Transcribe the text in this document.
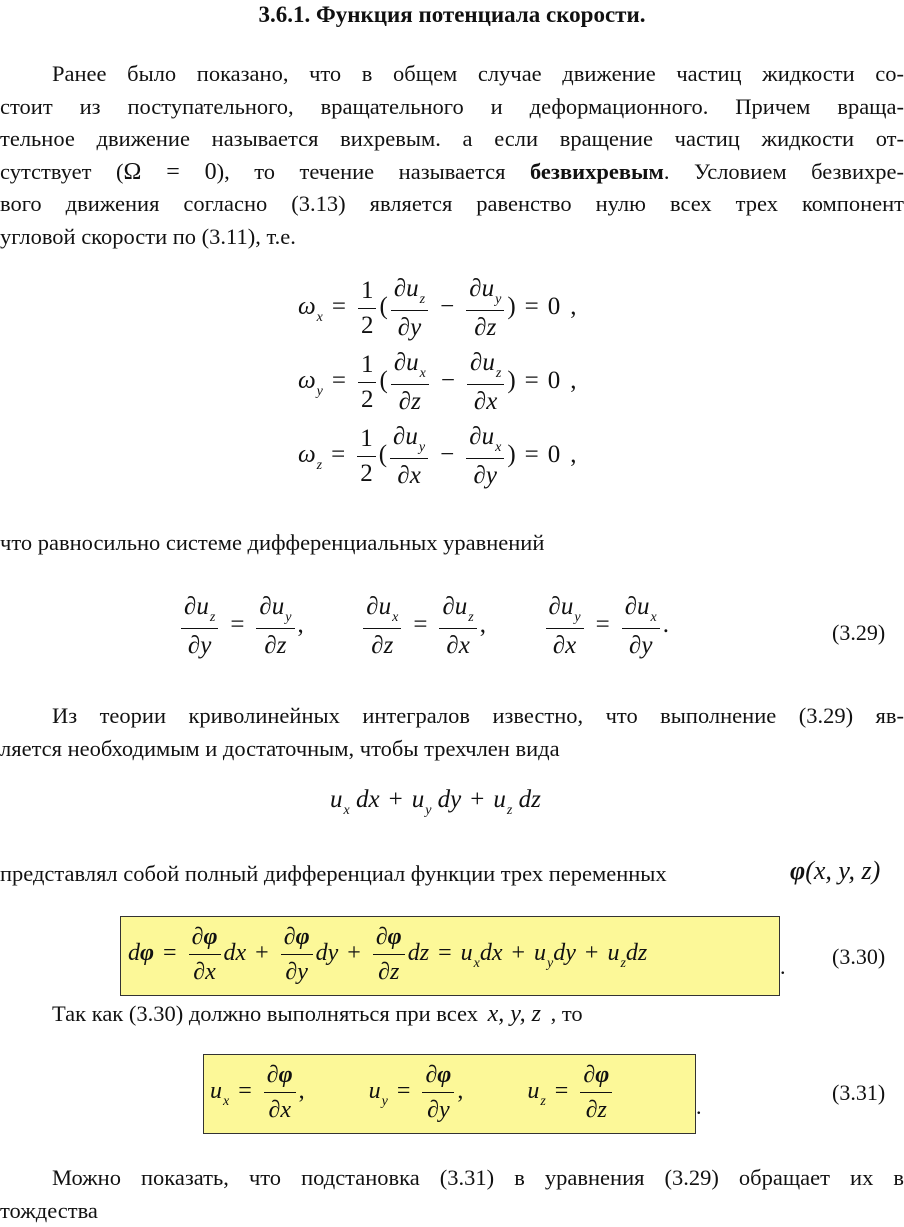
3.6.1. Функция потенциала скорости.
Ранее было показано, что в общем случае движение частиц жидкости со-
стоит из поступательного, вращательного и деформационного. Причем враща-
тельное движение называется вихревым. а если вращение частиц жидкости от-
сутствует (Ω = 0), то течение называется безвихревым. Условием безвихре-
вого движения согласно (3.13) является равенство нулю всех трех компонент
угловой скорости по (3.11), т.е.
$\omega_x = \frac{1}{2}$ ( $\frac{\partial u_z}{\partial y} - \frac{\partial u_y}{\partial z}$ ) = 0 ,
$\omega_y = \frac{1}{2}$ ( $\frac{\partial u_x}{\partial z} - \frac{\partial u_z}{\partial x}$ ) = 0 ,
$\omega_z = \frac{1}{2}$ ( $\frac{\partial u_y}{\partial x} - \frac{\partial u_x}{\partial y}$ ) = 0 ,
что равносильно системе дифференциальных уравнений
$\frac{\partial u_z}{\partial y} = \frac{\partial u_y}{\partial z}$ , $\frac{\partial u_x}{\partial z} = \frac{\partial u_z}{\partial x}$ , $\frac{\partial u_y}{\partial x} = \frac{\partial u_x}{\partial y}$ .	(3.29)
Из теории криволинейных интегралов известно, что выполнение (3.29) яв-
ляется необходимым и достаточным, чтобы трехчлен вида
$u_x$ dx + $u_y$ dy + $u_z$ dz
представлял собой полный дифференциал функции трех переменных	φ(x, y, z)
$d\varphi = \frac{\partial\varphi}{\partial x}$ dx + $\frac{\partial\varphi}{\partial y}$ dy + $\frac{\partial\varphi}{\partial z}$ dz = $u_xdx + u_ydy + u_zdz$
. (3.30)
Так как (3.30) должно выполняться при всех x, y, z , то
$u_x = \frac{\partial\varphi}{\partial x}$ ,	$u_y = \frac{\partial\varphi}{\partial y}$ ,	$u_z = \frac{\partial\varphi}{\partial z}$	.
(3.31)
Можно показать, что подстановка (3.31) в уравнения (3.29) обращает их в
тождества
